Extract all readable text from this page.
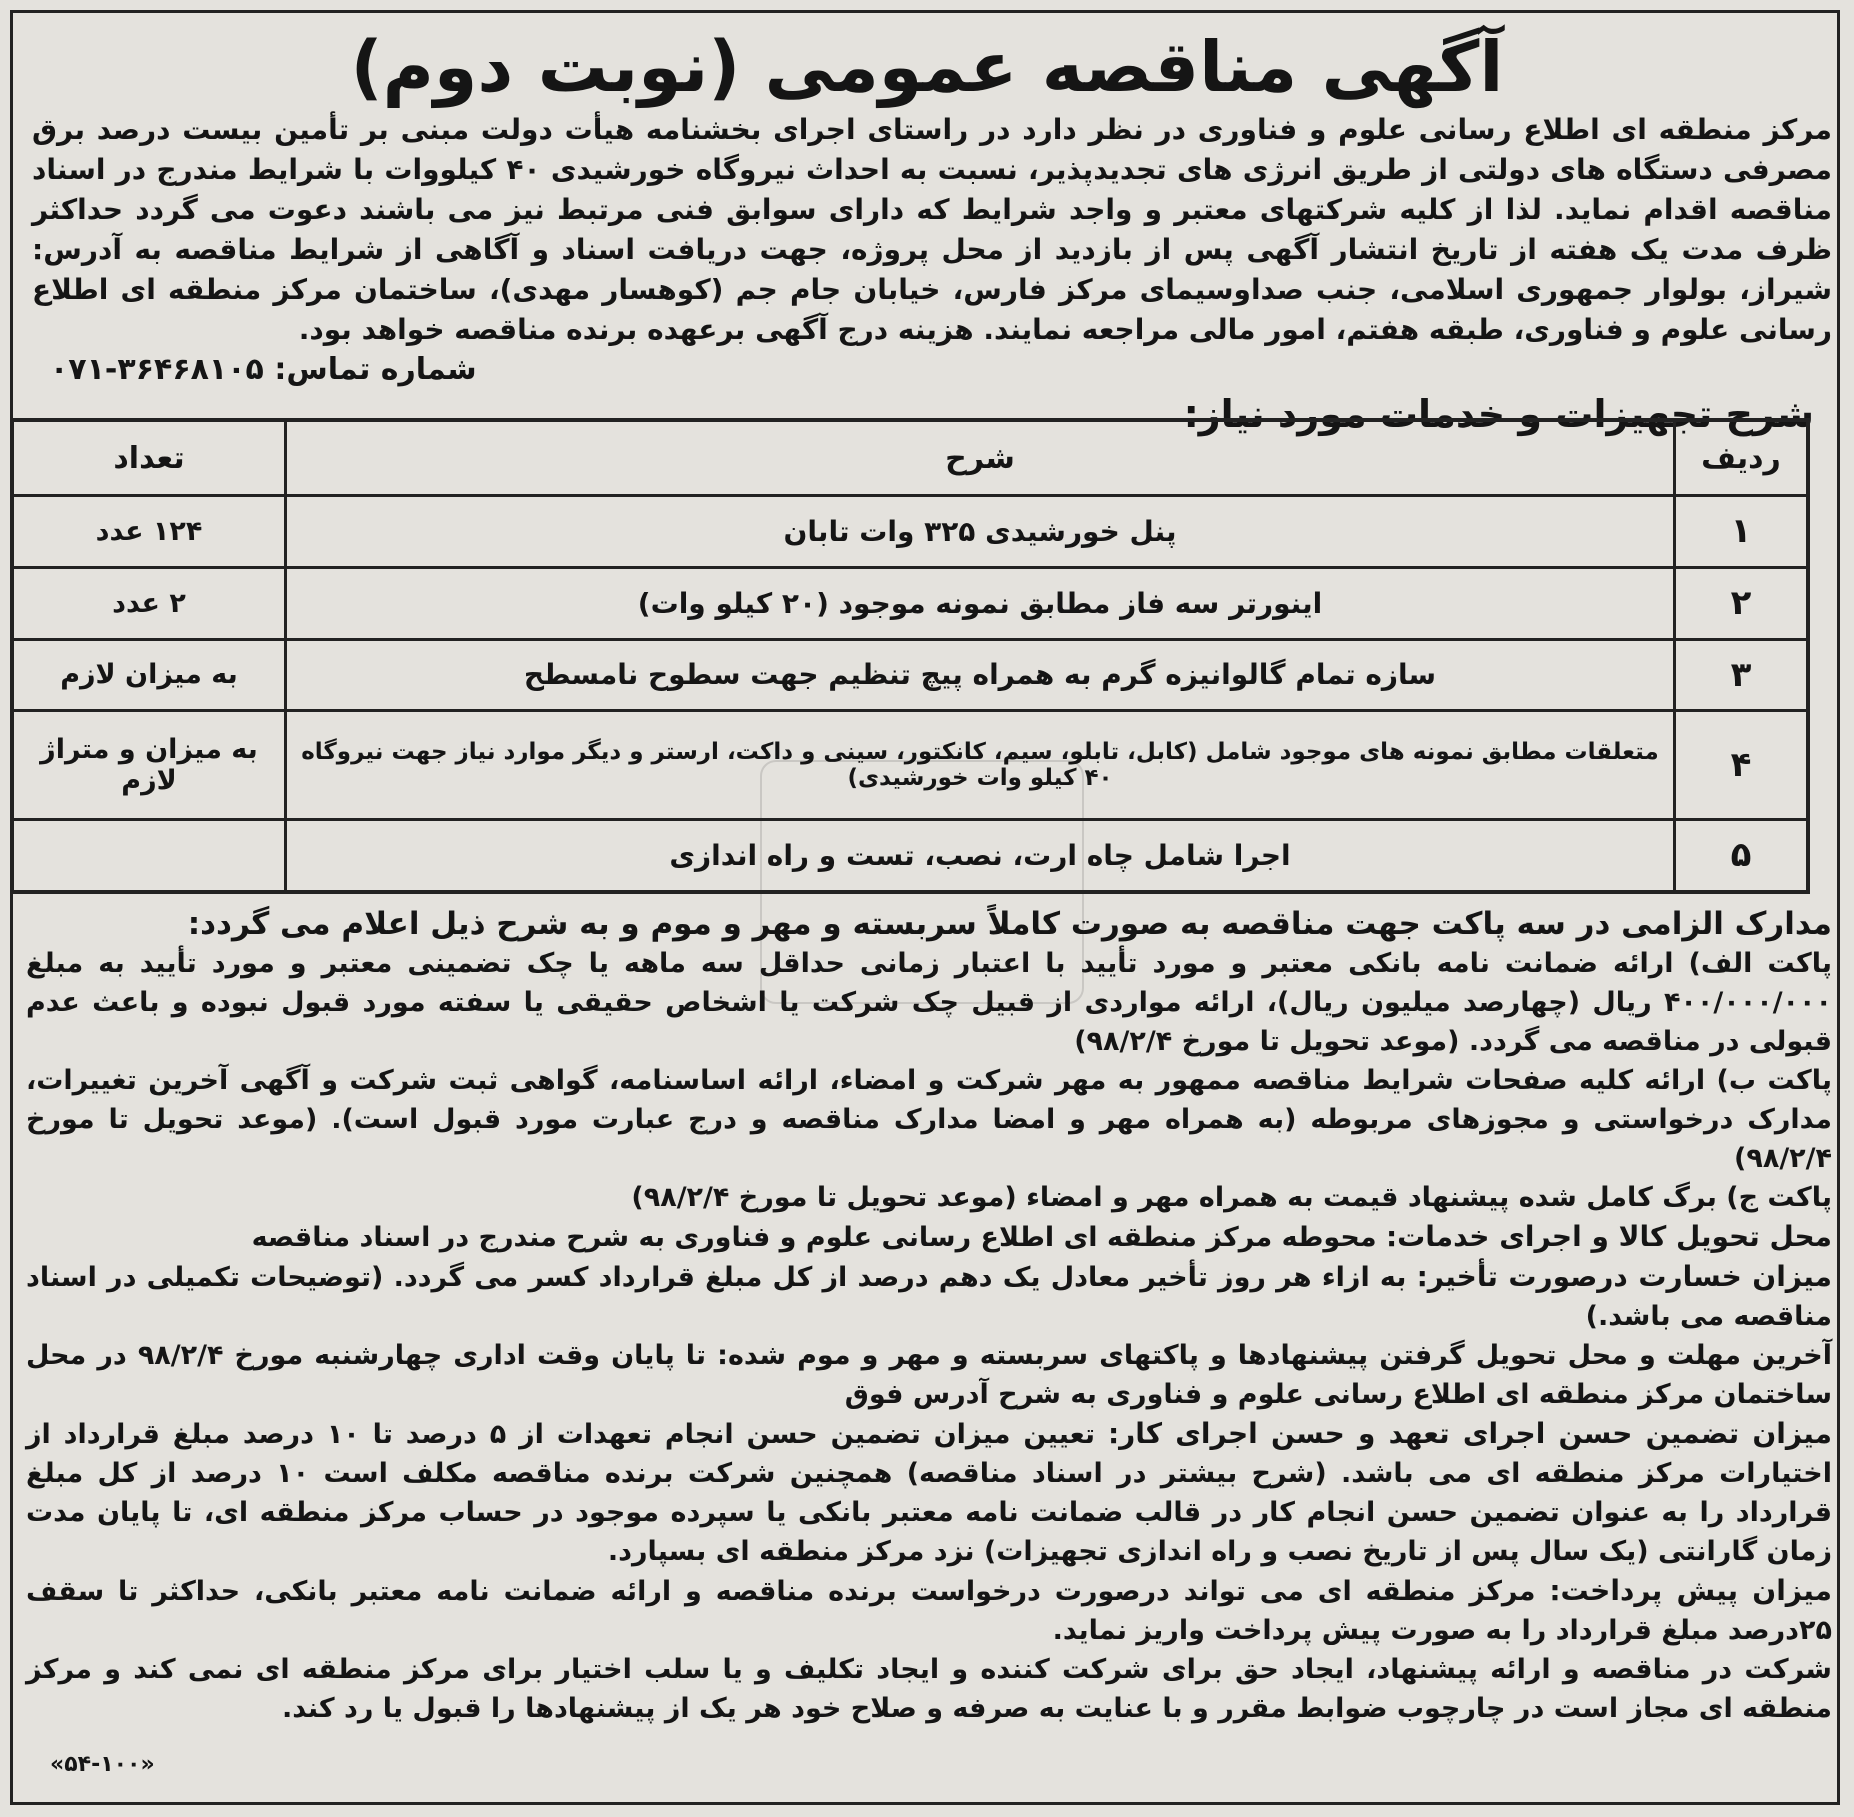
آگهی مناقصه عمومی (نوبت دوم)
مرکز منطقه ای اطلاع رسانی علوم و فناوری در نظر دارد در راستای اجرای بخشنامه هیأت دولت مبنی بر تأمین بیست درصد برق مصرفی دستگاه های دولتی از طریق انرژی های تجدیدپذیر، نسبت به احداث نیروگاه خورشیدی ۴۰ کیلووات با شرایط مندرج در اسناد مناقصه اقدام نماید. لذا از کلیه شرکتهای معتبر و واجد شرایط که دارای سوابق فنی مرتبط نیز می باشند دعوت می گردد حداکثر ظرف مدت یک هفته از تاریخ انتشار آگهی پس از بازدید از محل پروژه، جهت دریافت اسناد و آگاهی از شرایط مناقصه به آدرس: شیراز، بولوار جمهوری اسلامی، جنب صداوسیمای مرکز فارس، خیابان جام جم (کوهسار مهدی)، ساختمان مرکز منطقه ای اطلاع رسانی علوم و فناوری، طبقه هفتم، امور مالی مراجعه نمایند. هزینه درج آگهی برعهده برنده مناقصه خواهد بود.
شماره تماس: ۰۷۱-۳۶۴۶۸۱۰۵
شرح تجهیزات و خدمات مورد نیاز:
ردیف	شرح	تعداد
۱	پنل خورشیدی ۳۲۵ وات تابان	۱۲۴ عدد
۲	اینورتر سه فاز مطابق نمونه موجود (۲۰ کیلو وات)	۲ عدد
۳	سازه تمام گالوانیزه گرم به همراه پیچ تنظیم جهت سطوح نامسطح	به میزان لازم
۴	متعلقات مطابق نمونه های موجود شامل (کابل، تابلو، سیم، کانکتور، سینی و داکت، ارستر و دیگر موارد نیاز جهت نیروگاه ۴۰ کیلو وات خورشیدی)	به میزان و متراژ لازم
۵	اجرا شامل چاه ارت، نصب، تست و راه اندازی	

مدارک الزامی در سه پاکت جهت مناقصه به صورت کاملاً سربسته و مهر و موم و به شرح ذیل اعلام می گردد:

پاکت الف) ارائه ضمانت نامه بانکی معتبر و مورد تأیید با اعتبار زمانی حداقل سه ماهه یا چک تضمینی معتبر و مورد تأیید به مبلغ ۴۰۰/۰۰۰/۰۰۰ ریال (چهارصد میلیون ریال)، ارائه مواردی از قبیل چک شرکت یا اشخاص حقیقی یا سفته مورد قبول نبوده و باعث عدم قبولی در مناقصه می گردد. (موعد تحویل تا مورخ ۹۸/۲/۴)

پاکت ب) ارائه کلیه صفحات شرایط مناقصه ممهور به مهر شرکت و امضاء، ارائه اساسنامه، گواهی ثبت شرکت و آگهی آخرین تغییرات، مدارک درخواستی و مجوزهای مربوطه (به همراه مهر و امضا مدارک مناقصه و درج عبارت مورد قبول است). (موعد تحویل تا مورخ ۹۸/۲/۴)

پاکت ج) برگ کامل شده پیشنهاد قیمت به همراه مهر و امضاء (موعد تحویل تا مورخ ۹۸/۲/۴)

محل تحویل کالا و اجرای خدمات: محوطه مرکز منطقه ای اطلاع رسانی علوم و فناوری به شرح مندرج در اسناد مناقصه

میزان خسارت درصورت تأخیر: به ازاء هر روز تأخیر معادل یک دهم درصد از کل مبلغ قرارداد کسر می گردد. (توضیحات تکمیلی در اسناد مناقصه می باشد.)

آخرین مهلت و محل تحویل گرفتن پیشنهادها و پاکتهای سربسته و مهر و موم شده: تا پایان وقت اداری چهارشنبه مورخ ۹۸/۲/۴ در محل ساختمان مرکز منطقه ای اطلاع رسانی علوم و فناوری به شرح آدرس فوق

میزان تضمین حسن اجرای تعهد و حسن اجرای کار: تعیین میزان تضمین حسن انجام تعهدات از ۵ درصد تا ۱۰ درصد مبلغ قرارداد از اختیارات مرکز منطقه ای می باشد. (شرح بیشتر در اسناد مناقصه) همچنین شرکت برنده مناقصه مکلف است ۱۰ درصد از کل مبلغ قرارداد را به عنوان تضمین حسن انجام کار در قالب ضمانت نامه معتبر بانکی یا سپرده موجود در حساب مرکز منطقه ای، تا پایان مدت زمان گارانتی (یک سال پس از تاریخ نصب و راه اندازی تجهیزات) نزد مرکز منطقه ای بسپارد.

میزان پیش پرداخت: مرکز منطقه ای می تواند درصورت درخواست برنده مناقصه و ارائه ضمانت نامه معتبر بانکی، حداکثر تا سقف ۲۵درصد مبلغ قرارداد را به صورت پیش پرداخت واریز نماید.

شرکت در مناقصه و ارائه پیشنهاد، ایجاد حق برای شرکت کننده و ایجاد تکلیف و یا سلب اختیار برای مرکز منطقه ای نمی کند و مرکز منطقه ای مجاز است در چارچوب ضوابط مقرر و با عنایت به صرفه و صلاح خود هر یک از پیشنهادها را قبول یا رد کند.

«۵۴-۱۰۰»
